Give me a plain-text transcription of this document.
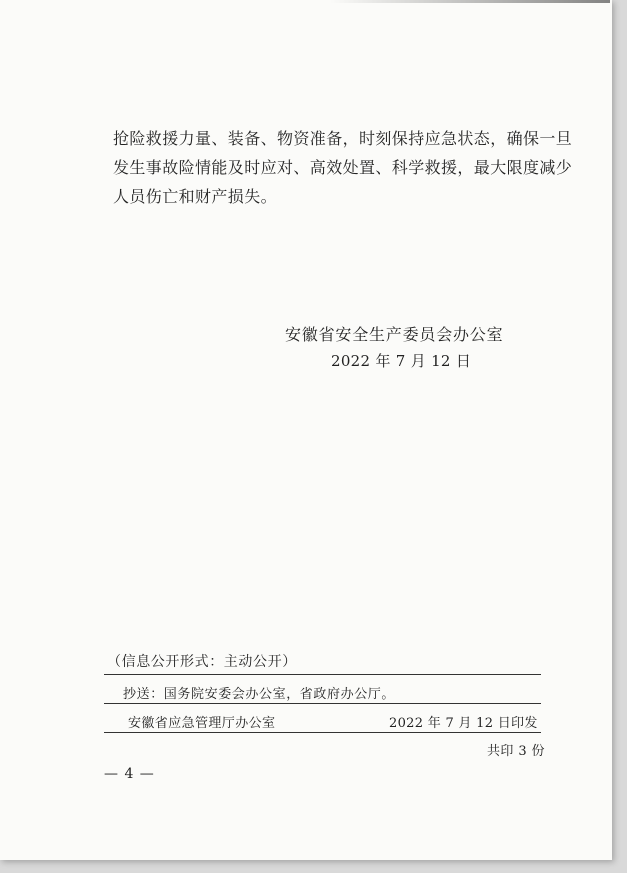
抢险救援力量、装备、物资准备，时刻保持应急状态，确保一旦
发生事故险情能及时应对、高效处置、科学救援，最大限度减少
人员伤亡和财产损失。
安徽省安全生产委员会办公室
2022 年 7 月 12 日
（信息公开形式：主动公开）
抄送：国务院安委会办公室，省政府办公厅。
安徽省应急管理厅办公室	2022 年 7 月 12 日印发
共印 3 份
— 4 —
